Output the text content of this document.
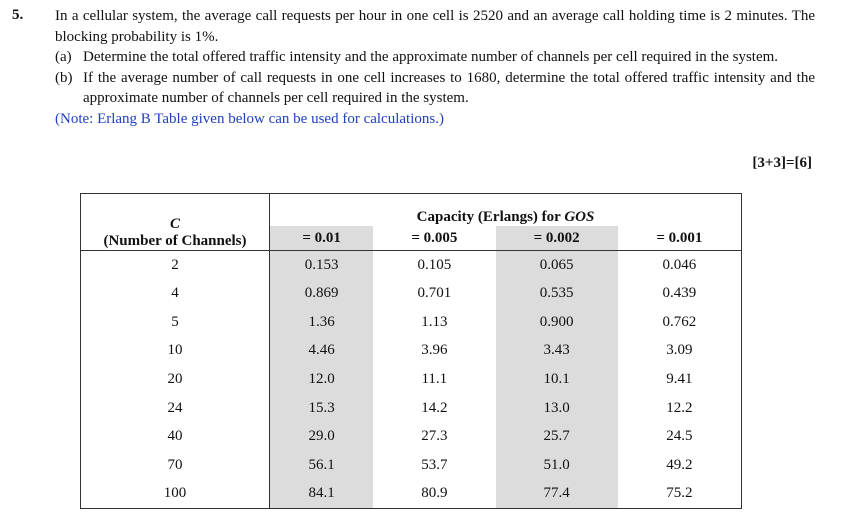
5. In a cellular system, the average call requests per hour in one cell is 2520 and an average call holding time is 2 minutes. The blocking probability is 1%.

(a) Determine the total offered traffic intensity and the approximate number of channels per cell required in the system.
(b) If the average number of call requests in one cell increases to 1680, determine the total offered traffic intensity and the approximate number of channels per cell required in the system.

(Note: Erlang B Table given below can be used for calculations.)

[3+3]=[6]
C
(Number of Channels)	Capacity (Erlangs) for GOS			
	= 0.01	= 0.005	= 0.002	= 0.001
2	0.153	0.105	0.065	0.046
4	0.869	0.701	0.535	0.439
5	1.36	1.13	0.900	0.762
10	4.46	3.96	3.43	3.09
20	12.0	11.1	10.1	9.41
24	15.3	14.2	13.0	12.2
40	29.0	27.3	25.7	24.5
70	56.1	53.7	51.0	49.2
100	84.1	80.9	77.4	75.2
